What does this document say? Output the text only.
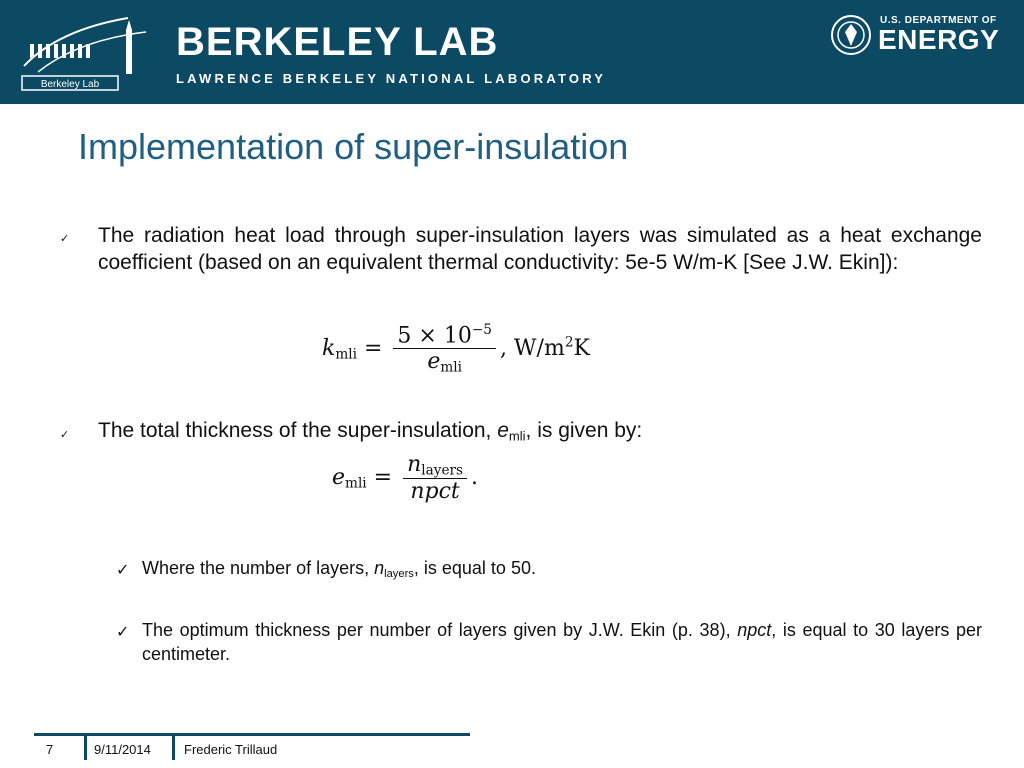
Berkeley Lab
BERKELEY LAB
LAWRENCE BERKELEY NATIONAL LABORATORY
U.S. DEPARTMENT OF
ENERGY
Implementation of super-insulation
✓ The radiation heat load through super-insulation layers was simulated as a heat exchange coefficient (based on an equivalent thermal conductivity: 5e-5 W/m-K [See J.W. Ekin]):
$k_{mli} = \frac{5 \times 10^{-5}}{e_{mli}}$ , $W/m^2K$
✓ The total thickness of the super-insulation, $e_{mli}$, is given by:
$e_{mli} = \frac{n_{layers}}{\text{npct}}$ .
✓ Where the number of layers, $n_{layers}$, is equal to 50.
✓ The optimum thickness per number of layers given by J.W. Ekin (p. 38), npct, is equal to 30 layers per centimeter.
7	9/11/2014	Frederic Trillaud
